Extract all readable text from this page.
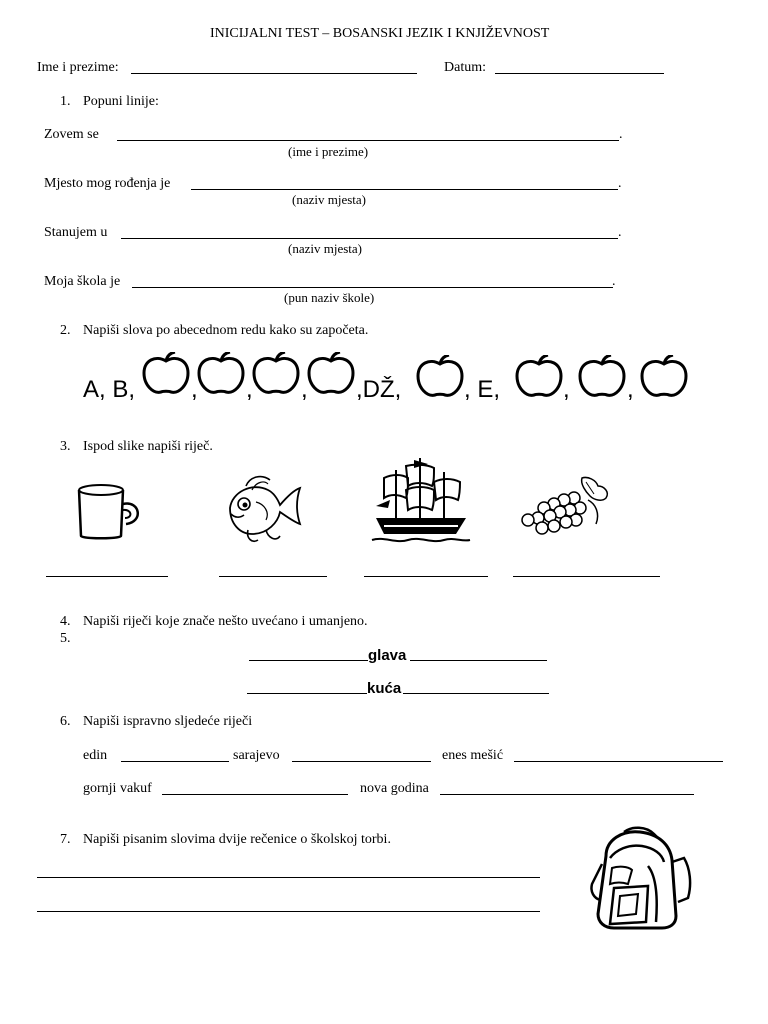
INICIJALNI TEST – BOSANSKI JEZIK I KNJIŽEVNOST
Ime i prezime:	Datum:
1. Popuni linije:
Zovem se	.
(ime i prezime)
Mjesto mog rođenja je	.
(naziv mjesta)
Stanujem u	.
(naziv mjesta)
Moja škola je	.
(pun naziv škole)
2. Napiši slova po abecednom redu kako su započeta.
A, B, , , , ,DŽ,	, E,	, ,
3. Ispod slike napiši riječ.
4. Napiši riječi koje znače nešto uvećano i umanjeno.
5.
glava
kuća
6. Napiši ispravno sljedeće riječi
edin	sarajevo	enes mešić
gornji vakuf	nova godina
7. Napiši pisanim slovima dvije rečenice o školskoj torbi.
